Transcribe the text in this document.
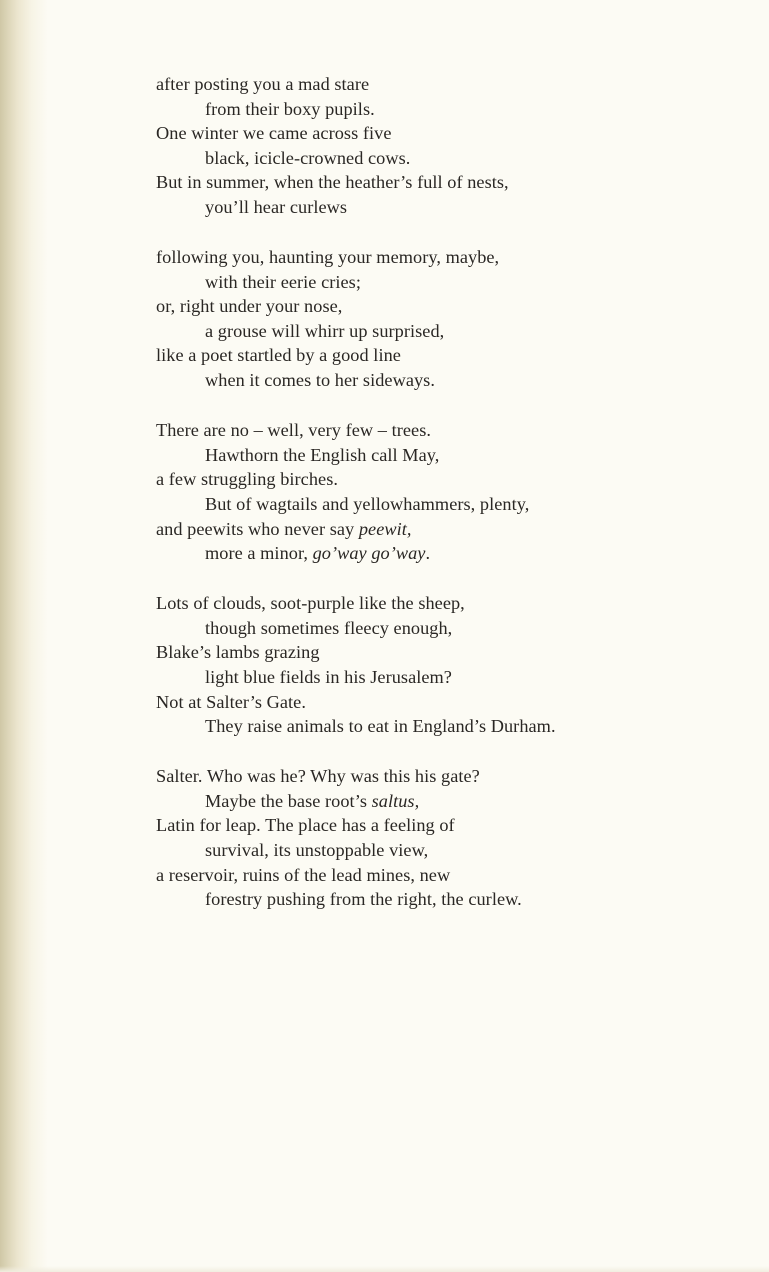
after posting you a mad stare
from their boxy pupils.
One winter we came across five
black, icicle-crowned cows.
But in summer, when the heather’s full of nests,
you’ll hear curlews
following you, haunting your memory, maybe,
with their eerie cries;
or, right under your nose,
a grouse will whirr up surprised,
like a poet startled by a good line
when it comes to her sideways.
There are no – well, very few – trees.
Hawthorn the English call May,
a few struggling birches.
But of wagtails and yellowhammers, plenty,
and peewits who never say peewit,
more a minor, go’way go’way.
Lots of clouds, soot-purple like the sheep,
though sometimes fleecy enough,
Blake’s lambs grazing
light blue fields in his Jerusalem?
Not at Salter’s Gate.
They raise animals to eat in England’s Durham.
Salter. Who was he? Why was this his gate?
Maybe the base root’s saltus,
Latin for leap. The place has a feeling of
survival, its unstoppable view,
a reservoir, ruins of the lead mines, new
forestry pushing from the right, the curlew.
